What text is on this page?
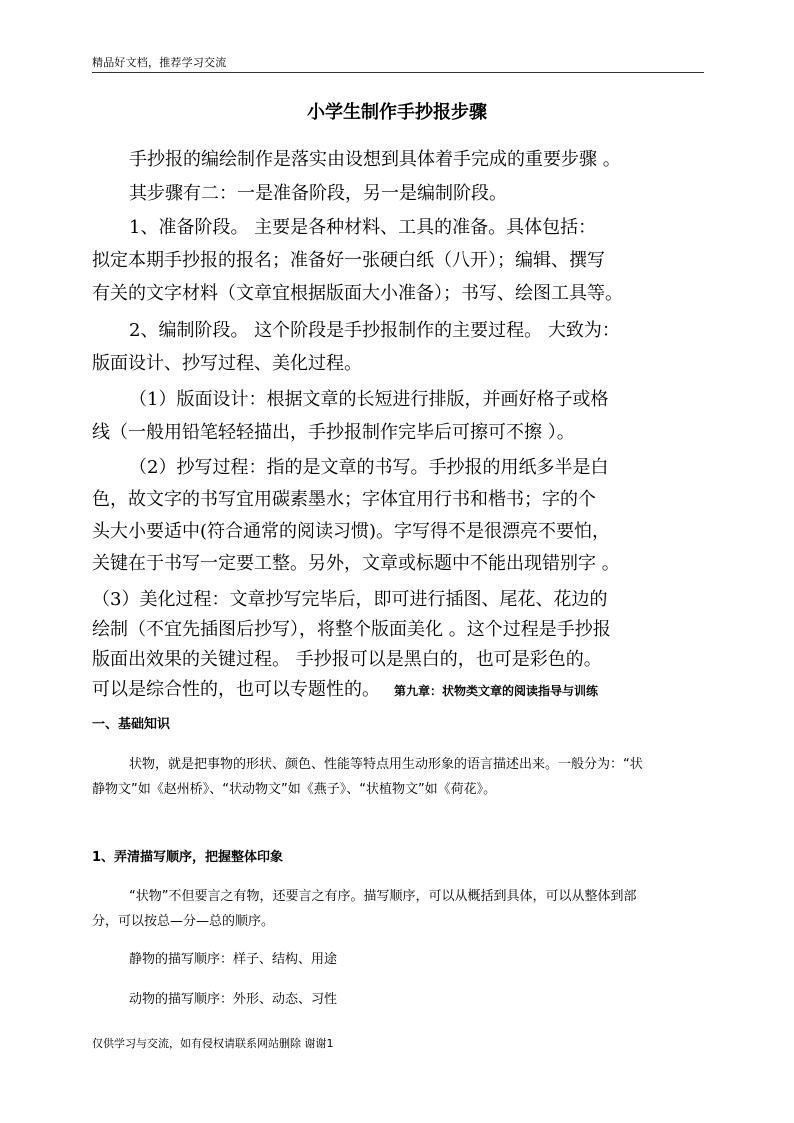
精品好文档，推荐学习交流
小学生制作手抄报步骤

手抄报的编绘制作是落实由设想到具体着手完成的重要步骤 。

其步骤有二：一是准备阶段，另一是编制阶段。

1、准备阶段。 主要是各种材料、工具的准备。具体包括：
拟定本期手抄报的报名；准备好一张硬白纸（八开）；编辑、撰写
有关的文字材料（文章宜根据版面大小准备）；书写、绘图工具等。

2、编制阶段。 这个阶段是手抄报制作的主要过程。 大致为：
版面设计、抄写过程、美化过程。

（1）版面设计：根据文章的长短进行排版，并画好格子或格
线（一般用铅笔轻轻描出，手抄报制作完毕后可擦可不擦 ）。

（2）抄写过程：指的是文章的书写。手抄报的用纸多半是白
色，故文字的书写宜用碳素墨水；字体宜用行书和楷书；字的个
头大小要适中(符合通常的阅读习惯)。字写得不是很漂亮不要怕，
关键在于书写一定要工整。另外，文章或标题中不能出现错别字 。

（3）美化过程：文章抄写完毕后，即可进行插图、尾花、花边的
绘制（不宜先插图后抄写），将整个版面美化 。这个过程是手抄报
版面出效果的关键过程。 手抄报可以是黑白的，也可是彩色的。
可以是综合性的，也可以专题性的。 第九章：状物类文章的阅读指导与训练

一、基础知识

状物，就是把事物的形状、颜色、性能等特点用生动形象的语言描述出来。一般分为：“状
静物文”如《赵州桥》、“状动物文”如《燕子》、“状植物文”如《荷花》。

1、弄清描写顺序，把握整体印象

“状物”不但要言之有物，还要言之有序。描写顺序，可以从概括到具体，可以从整体到部
分，可以按总—分—总的顺序。

静物的描写顺序：样子、结构、用途

动物的描写顺序：外形、动态、习性

仅供学习与交流，如有侵权请联系网站删除 谢谢1
